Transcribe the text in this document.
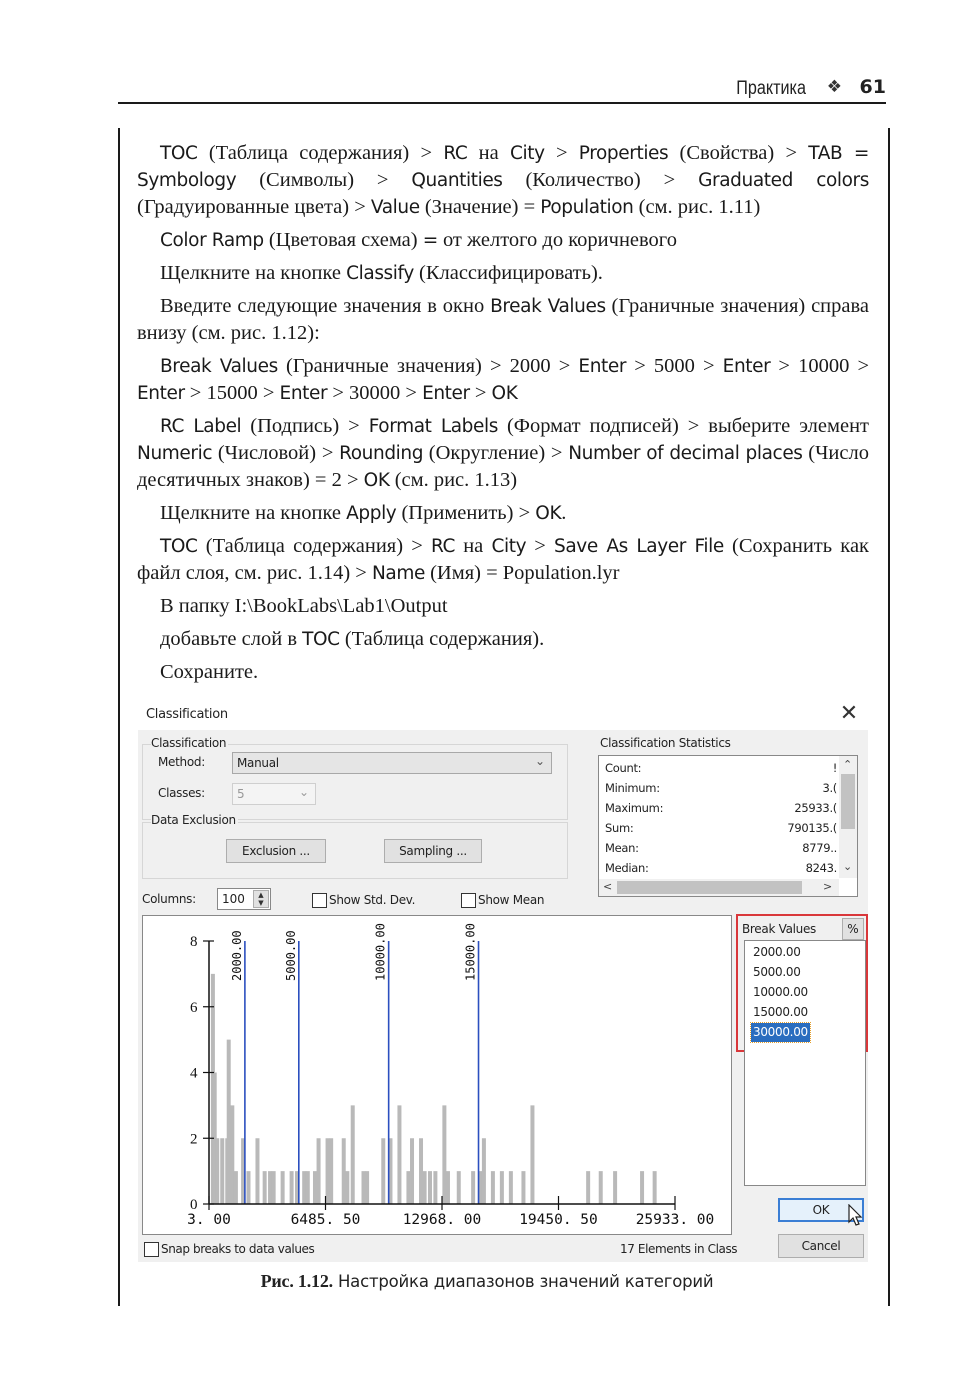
Практика ❖ 61

TOC (Таблица содержания) > RC на City > Properties (Свойства) > TAB = Symbology (Символы) > Quantities (Количество) > Graduated colors (Градуированные цвета) > Value (Значение) = Population (см. рис. 1.11)

Color Ramp (Цветовая схема) = от желтого до коричневого

Щелкните на кнопке Classify (Классифицировать).

Введите следующие значения в окно Break Values (Граничные значения) справа внизу (см. рис. 1.12):

Break Values (Граничные значения) > 2000 > Enter > 5000 > Enter > 10000 > Enter > 15000 > Enter > 30000 > Enter > OK

RC Label (Подпись) > Format Labels (Формат подписей) > выберите элемент Numeric (Числовой) > Rounding (Округление) > Number of decimal places (Число десятичных знаков) = 2 > OK (см. рис. 1.13)

Щелкните на кнопке Apply (Применить) > OK.

TOC (Таблица содержания) > RC на City > Save As Layer File (Сохранить как файл слоя, см. рис. 1.14) > Name (Имя) = Population.lyr

В папку I:\BookLabs\Lab1\Output

добавьте слой в TOC (Таблица содержания).

Сохраните.

Classification	✕
Classification
Method:	Manual	⌄
Classes:	5	⌄
Data Exclusion
Exclusion ...	Sampling ...
Classification Statistics
Count:	!
Minimum:	3.(
Maximum:	25933.(
Sum:	790135.(
Mean:	8779..
Median:	8243.
⌃
⌄
<	>
Columns: 100	▲
▼	Show Std. Dev.	Show Mean
2000.00	5000.00	10000.00	15000.00
0
2
4
6
8
3. 00	6485. 50	12968. 00	19450. 50	25933. 00
Break Values	%
2000.00
5000.00
10000.00
15000.00
30000.00
OK
Cancel
Snap breaks to data values	17 Elements in Class
Рис. 1.12. Настройка диапазонов значений категорий
